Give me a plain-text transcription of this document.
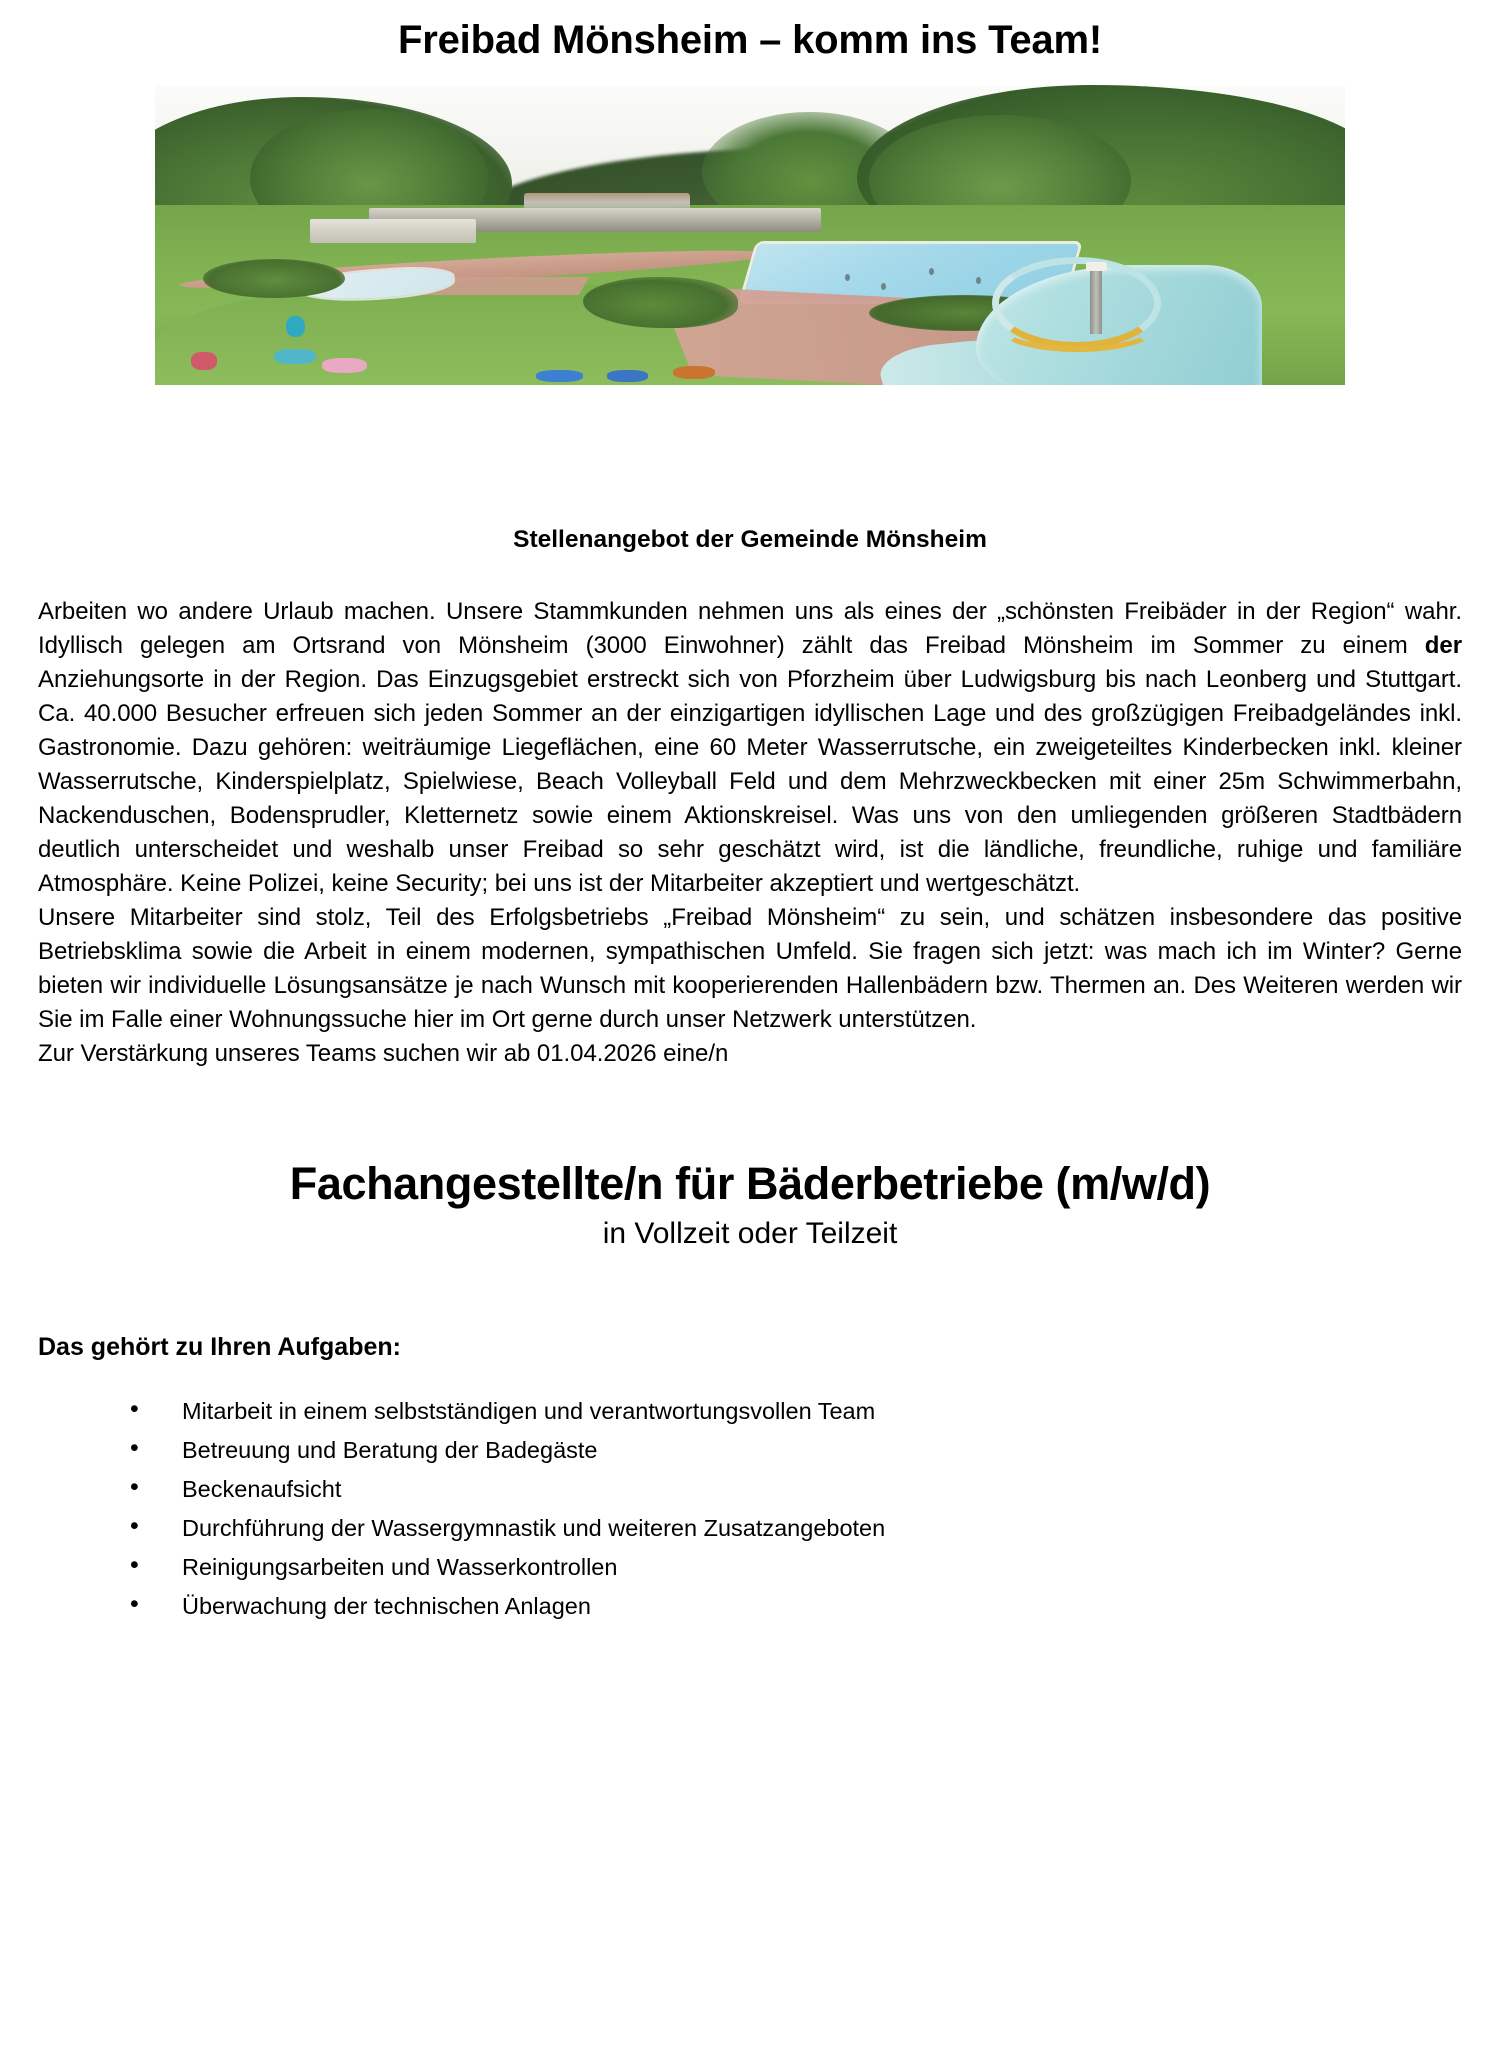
Freibad Mönsheim – komm ins Team!
Stellenangebot der Gemeinde Mönsheim

Arbeiten wo andere Urlaub machen. Unsere Stammkunden nehmen uns als eines der „schönsten Freibäder in der Region“ wahr. Idyllisch gelegen am Ortsrand von Mönsheim (3000 Einwohner) zählt das Freibad Mönsheim im Sommer zu einem der Anziehungsorte in der Region. Das Einzugsgebiet erstreckt sich von Pforzheim über Ludwigsburg bis nach Leonberg und Stuttgart. Ca. 40.000 Besucher erfreuen sich jeden Sommer an der einzigartigen idyllischen Lage und des großzügigen Freibadgeländes inkl. Gastronomie. Dazu gehören: weiträumige Liegeflächen, eine 60 Meter Wasserrutsche, ein zweigeteiltes Kinderbecken inkl. kleiner Wasserrutsche, Kinderspielplatz, Spielwiese, Beach Volleyball Feld und dem Mehrzweckbecken mit einer 25m Schwimmerbahn, Nackenduschen, Bodensprudler, Kletternetz sowie einem Aktionskreisel. Was uns von den umliegenden größeren Stadtbädern deutlich unterscheidet und weshalb unser Freibad so sehr geschätzt wird, ist die ländliche, freundliche, ruhige und familiäre Atmosphäre. Keine Polizei, keine Security; bei uns ist der Mitarbeiter akzeptiert und wertgeschätzt.

Unsere Mitarbeiter sind stolz, Teil des Erfolgsbetriebs „Freibad Mönsheim“ zu sein, und schätzen insbesondere das positive Betriebsklima sowie die Arbeit in einem modernen, sympathischen Umfeld. Sie fragen sich jetzt: was mach ich im Winter? Gerne bieten wir individuelle Lösungsansätze je nach Wunsch mit kooperierenden Hallenbädern bzw. Thermen an. Des Weiteren werden wir Sie im Falle einer Wohnungssuche hier im Ort gerne durch unser Netzwerk unterstützen.

Zur Verstärkung unseres Teams suchen wir ab 01.04.2026 eine/n

Fachangestellte/n für Bäderbetriebe (m/w/d)

in Vollzeit oder Teilzeit

Das gehört zu Ihren Aufgaben:
• Mitarbeit in einem selbstständigen und verantwortungsvollen Team
• Betreuung und Beratung der Badegäste
• Beckenaufsicht
• Durchführung der Wassergymnastik und weiteren Zusatzangeboten
• Reinigungsarbeiten und Wasserkontrollen
• Überwachung der technischen Anlagen
